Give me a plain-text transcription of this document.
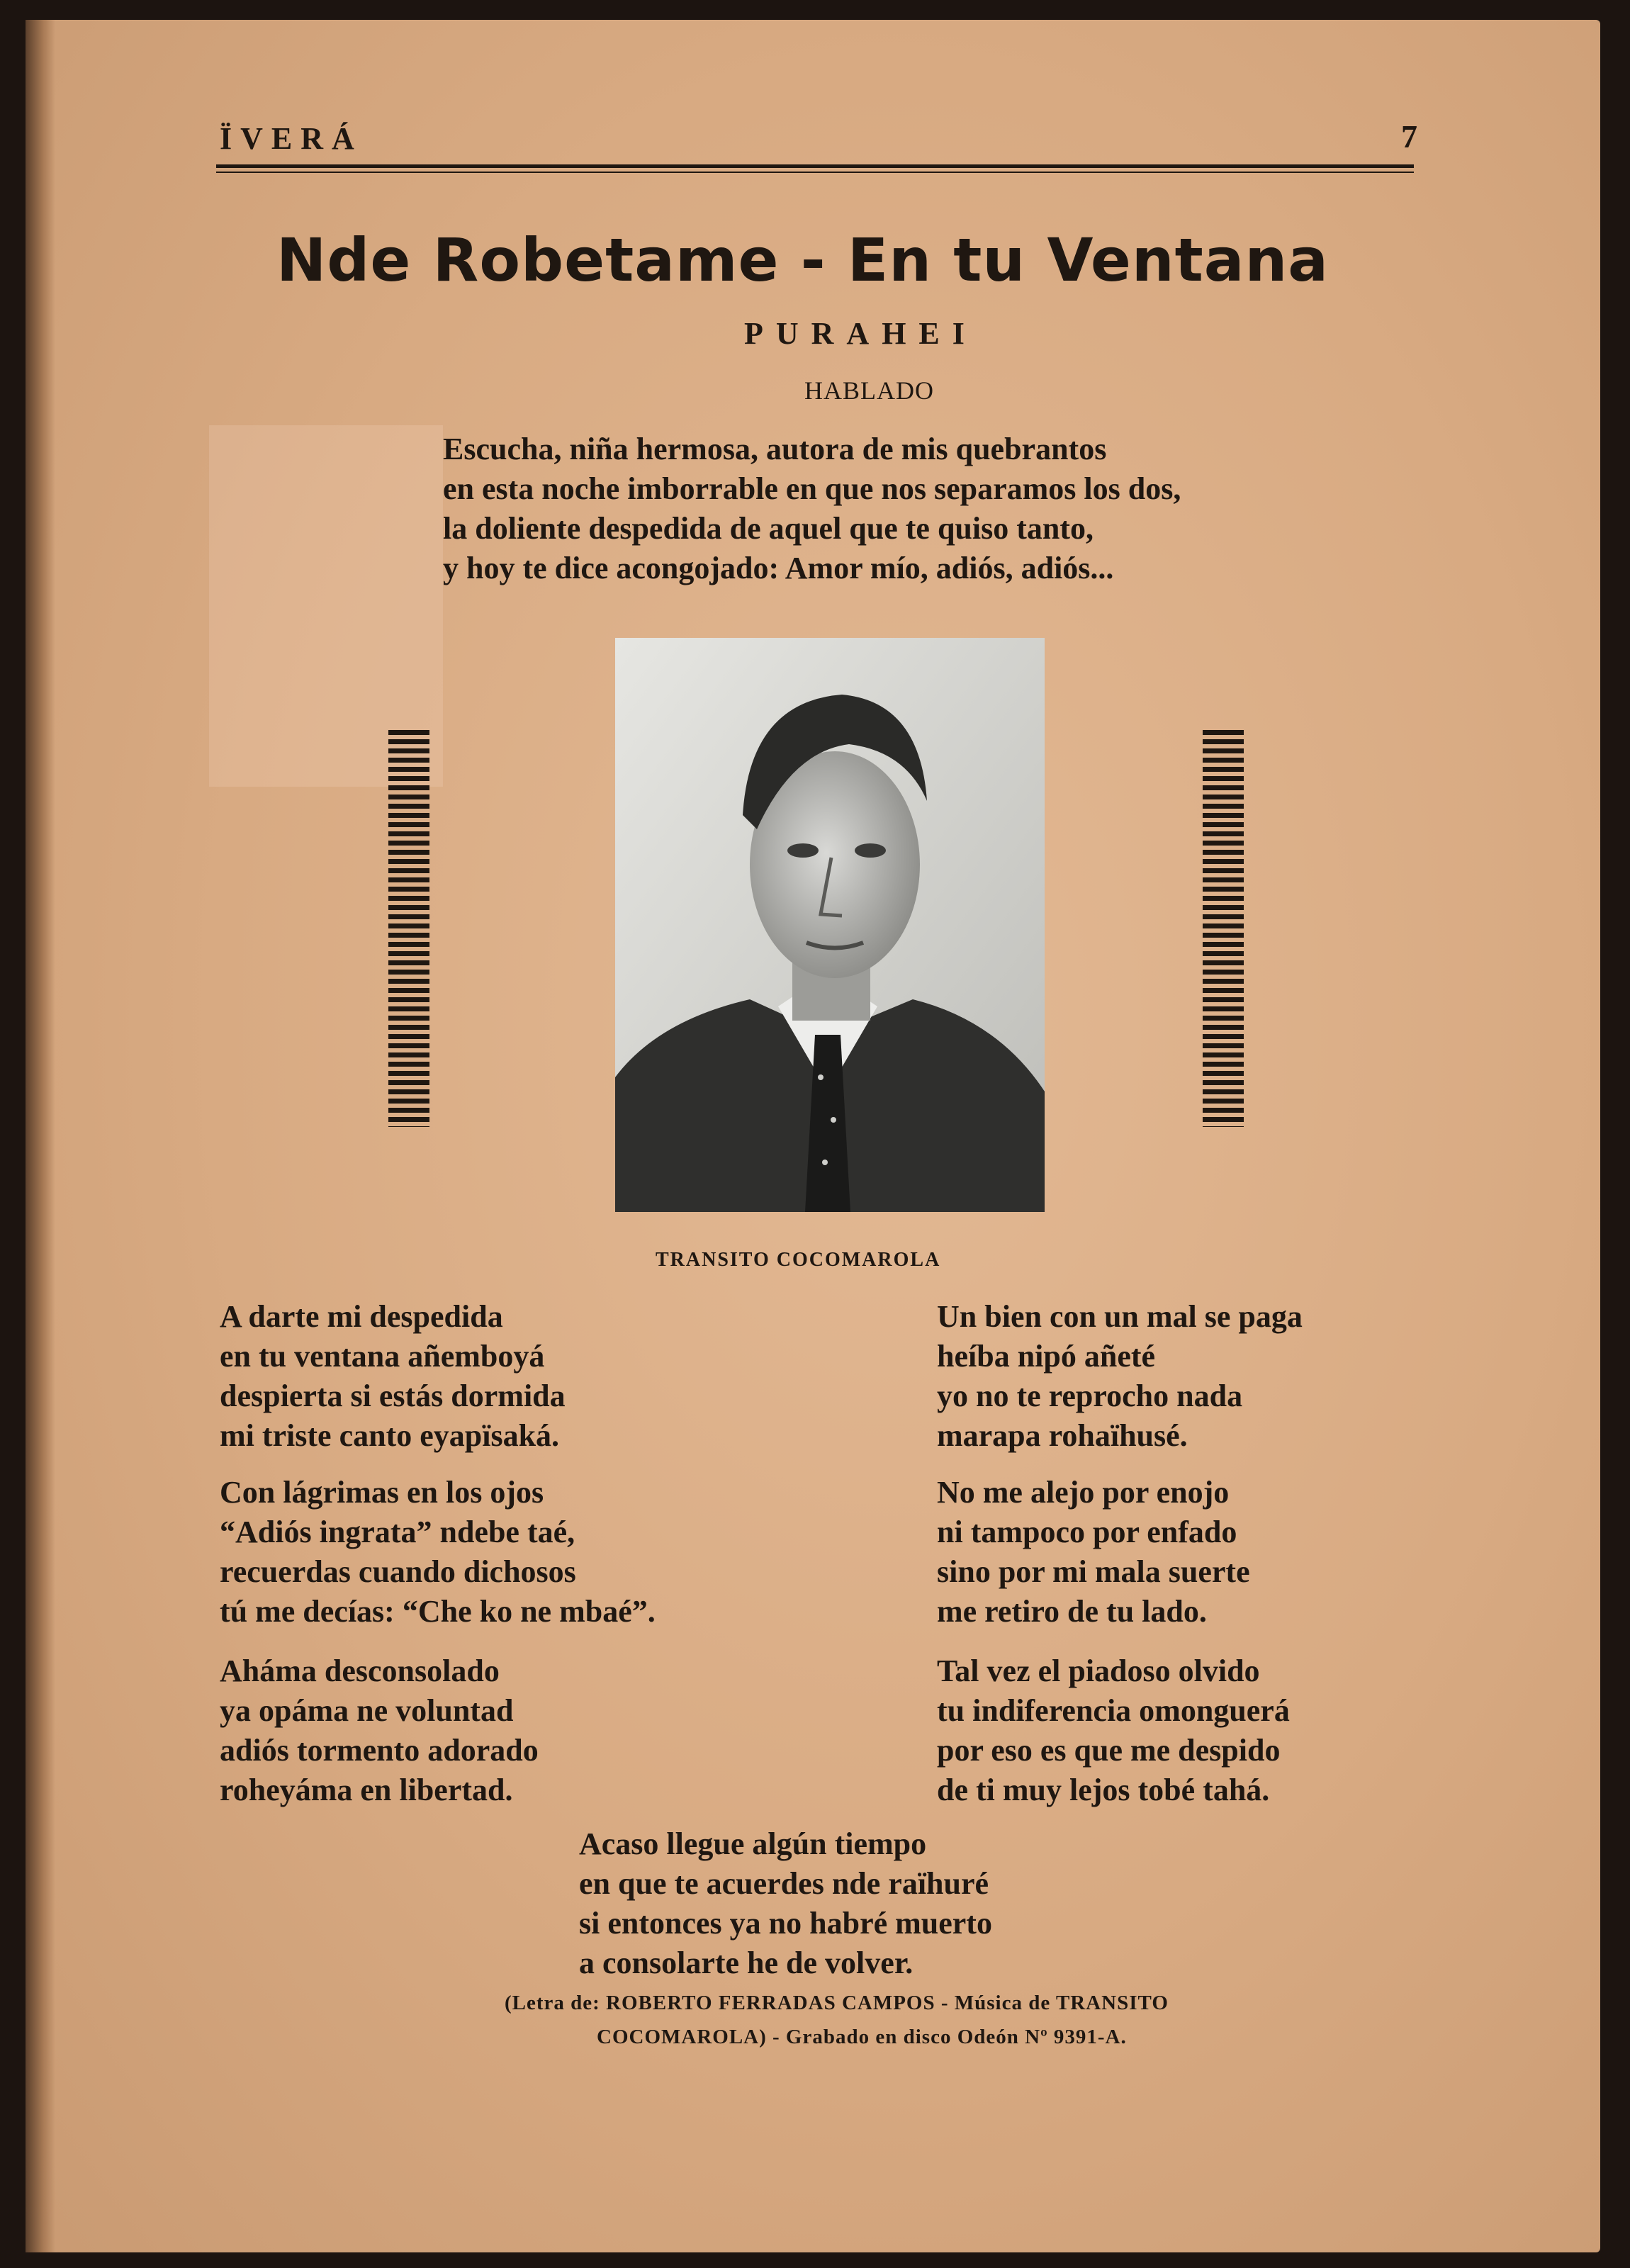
ÏVERÁ	7
Nde Robetame - En tu Ventana
PURAHEI
HABLADO
Escucha, niña hermosa, autora de mis quebrantos
en esta noche imborrable en que nos separamos los dos,
la doliente despedida de aquel que te quiso tanto,
y hoy te dice acongojado: Amor mío, adiós, adiós...
TRANSITO COCOMAROLA
A darte mi despedida
en tu ventana añemboyá
despierta si estás dormida
mi triste canto eyapïsaká.
Con lágrimas en los ojos
“Adiós ingrata” ndebe taé,
recuerdas cuando dichosos
tú me decías: “Che ko ne mbaé”.
Aháma desconsolado
ya opáma ne voluntad
adiós tormento adorado
roheyáma en libertad.
Un bien con un mal se paga
heíba nipó añeté
yo no te reprocho nada
marapa rohaïhusé.
No me alejo por enojo
ni tampoco por enfado
sino por mi mala suerte
me retiro de tu lado.
Tal vez el piadoso olvido
tu indiferencia omonguerá
por eso es que me despido
de ti muy lejos tobé tahá.
Acaso llegue algún tiempo
en que te acuerdes nde raïhuré
si entonces ya no habré muerto
a consolarte he de volver.
(Letra de: ROBERTO FERRADAS CAMPOS - Música de TRANSITO
COCOMAROLA) - Grabado en disco Odeón Nº 9391-A.
